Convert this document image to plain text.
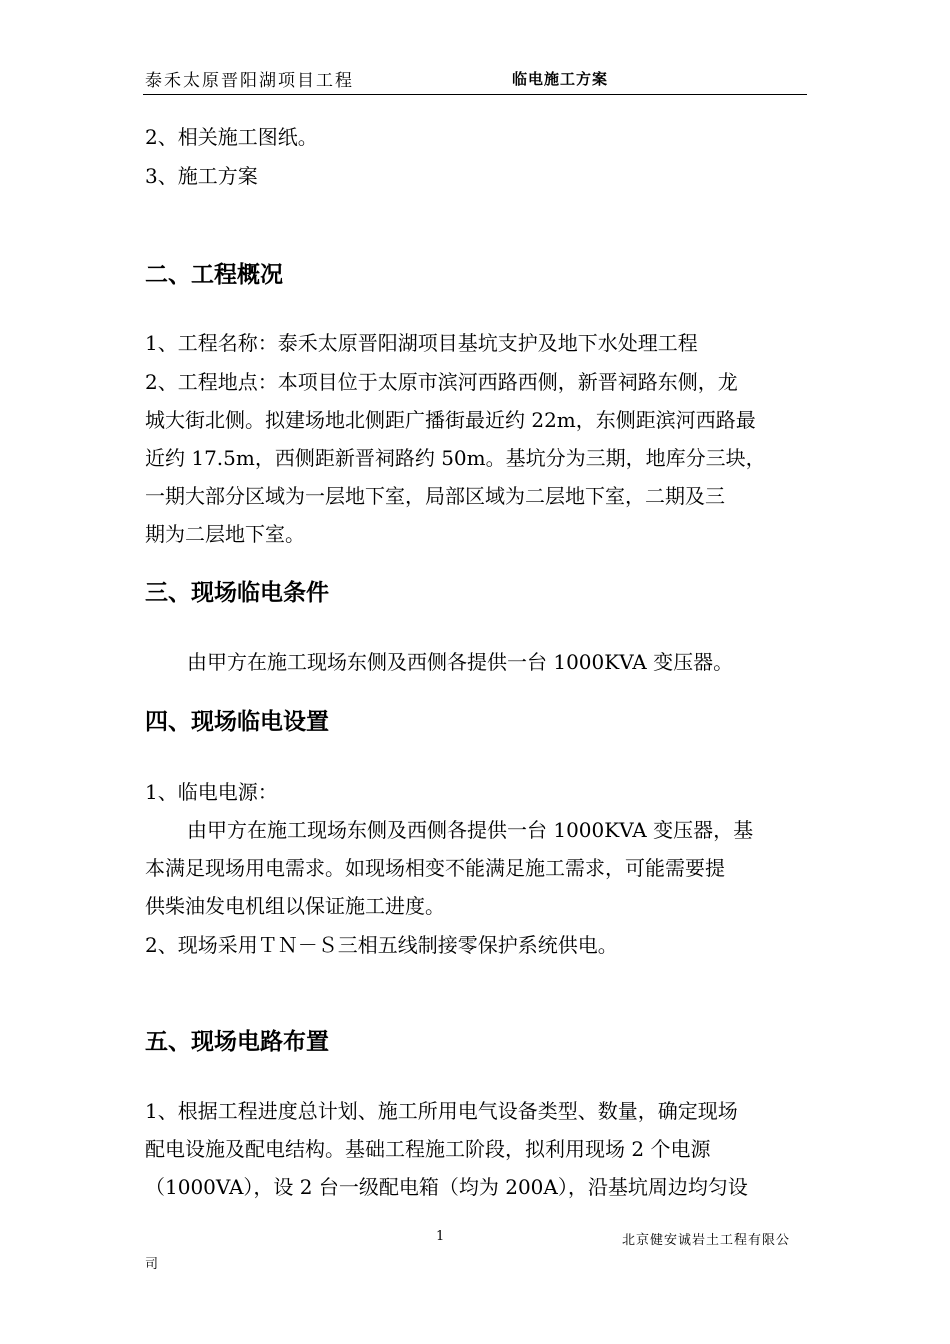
泰禾太原晋阳湖项目工程	临电施工方案
2、相关施工图纸。
3、施工方案
二、工程概况
1、工程名称：泰禾太原晋阳湖项目基坑支护及地下水处理工程
2、工程地点：本项目位于太原市滨河西路西侧，新晋祠路东侧，龙
城大街北侧。拟建场地北侧距广播街最近约 22m，东侧距滨河西路最
近约 17.5m，西侧距新晋祠路约 50m。基坑分为三期，地库分三块，
一期大部分区域为一层地下室，局部区域为二层地下室，二期及三
期为二层地下室。
三、现场临电条件
由甲方在施工现场东侧及西侧各提供一台 1000KVA 变压器。
四、现场临电设置
1、临电电源：
由甲方在施工现场东侧及西侧各提供一台 1000KVA 变压器，基
本满足现场用电需求。如现场相变不能满足施工需求，可能需要提
供柴油发电机组以保证施工进度。
2、现场采用ＴＮ－Ｓ三相五线制接零保护系统供电。
五、现场电路布置
1、根据工程进度总计划、施工所用电气设备类型、数量，确定现场
配电设施及配电结构。基础工程施工阶段，拟利用现场 2 个电源
（1000VA），设 2 台一级配电箱（均为 200A），沿基坑周边均匀设
1	北京健安诚岩土工程有限公
司
